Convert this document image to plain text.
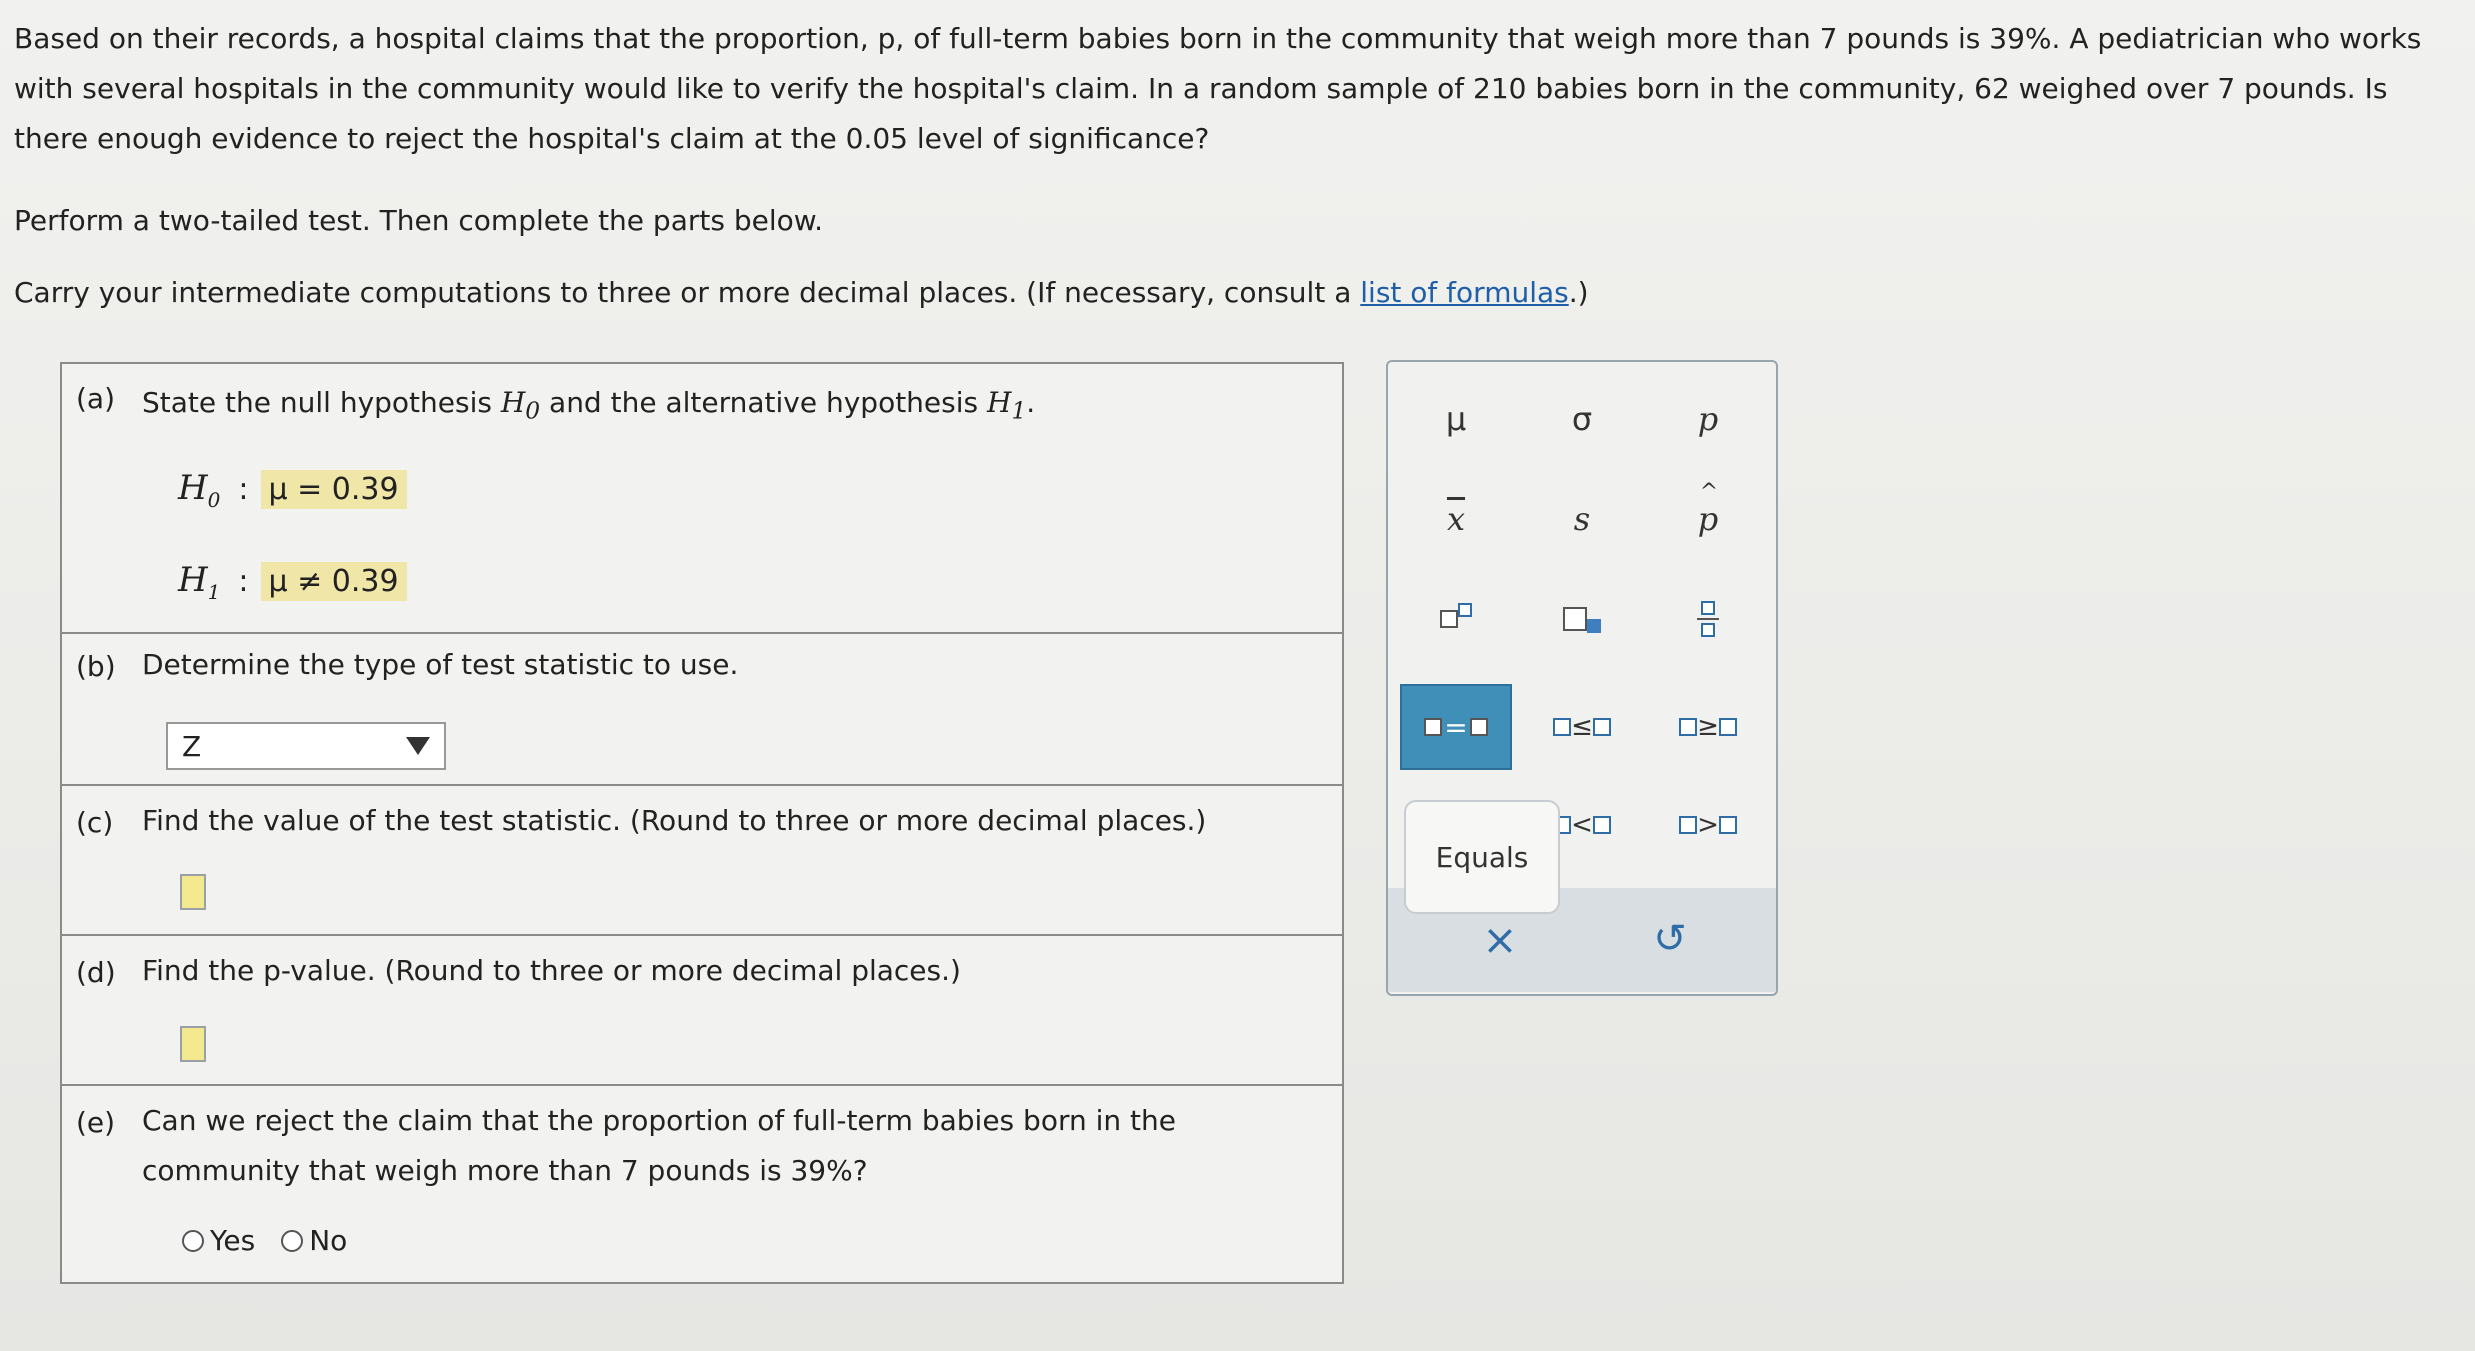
Based on their records, a hospital claims that the proportion, p, of full-term babies born in the community that weigh more than 7 pounds is 39%. A pediatrician who works with several hospitals in the community would like to verify the hospital's claim. In a random sample of 210 babies born in the community, 62 weighed over 7 pounds. Is there enough evidence to reject the hospital's claim at the 0.05 level of significance?

Perform a two-tailed test. Then complete the parts below.

Carry your intermediate computations to three or more decimal places. (If necessary, consult a list of formulas.)

(a) State the null hypothesis $H_0$ and the alternative hypothesis $H_1$.
$H_0$ : μ = 0.39
$H_1$ : μ ≠ 0.39
(b) Determine the type of test statistic to use.
Z
(c) Find the value of the test statistic. (Round to three or more decimal places.)
(d) Find the p-value. (Round to three or more decimal places.)
(e) Can we reject the claim that the proportion of full-term babies born in the community that weigh more than 7 pounds is 39%?
Yes No
μ	σ	p
$\overline{x}$	s	^ p
=	≤	≥
<	>
×	↺
Equals
